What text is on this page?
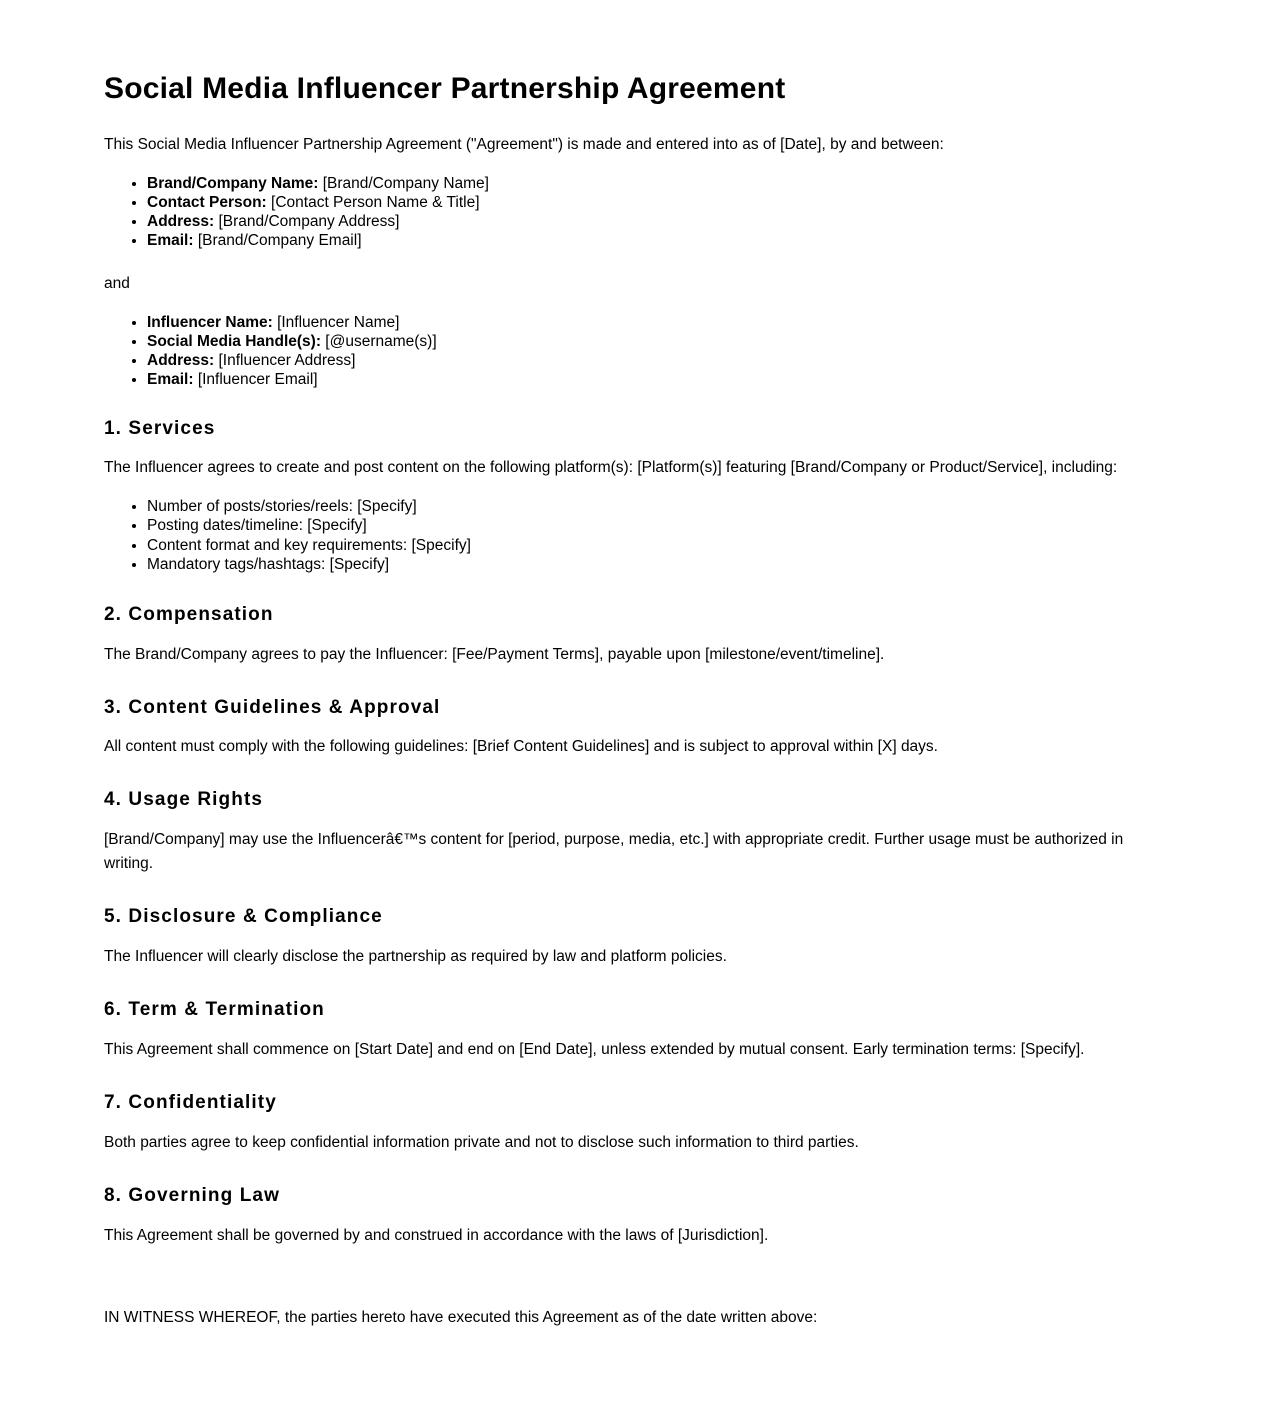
Social Media Influencer Partnership Agreement

This Social Media Influencer Partnership Agreement ("Agreement") is made and entered into as of [Date], by and between:

• Brand/Company Name: [Brand/Company Name]
• Contact Person: [Contact Person Name & Title]
• Address: [Brand/Company Address]
• Email: [Brand/Company Email]

and

• Influencer Name: [Influencer Name]
• Social Media Handle(s): [@username(s)]
• Address: [Influencer Address]
• Email: [Influencer Email]
1. Services

The Influencer agrees to create and post content on the following platform(s): [Platform(s)] featuring [Brand/Company or Product/Service], including:

• Number of posts/stories/reels: [Specify]
• Posting dates/timeline: [Specify]
• Content format and key requirements: [Specify]
• Mandatory tags/hashtags: [Specify]
2. Compensation

The Brand/Company agrees to pay the Influencer: [Fee/Payment Terms], payable upon [milestone/event/timeline].

3. Content Guidelines & Approval

All content must comply with the following guidelines: [Brief Content Guidelines] and is subject to approval within [X] days.

4. Usage Rights

[Brand/Company] may use the Influencerâ€™s content for [period, purpose, media, etc.] with appropriate credit. Further usage must be authorized in writing.

5. Disclosure & Compliance

The Influencer will clearly disclose the partnership as required by law and platform policies.

6. Term & Termination

This Agreement shall commence on [Start Date] and end on [End Date], unless extended by mutual consent. Early termination terms: [Specify].

7. Confidentiality

Both parties agree to keep confidential information private and not to disclose such information to third parties.

8. Governing Law

This Agreement shall be governed by and construed in accordance with the laws of [Jurisdiction].

IN WITNESS WHEREOF, the parties hereto have executed this Agreement as of the date written above:
